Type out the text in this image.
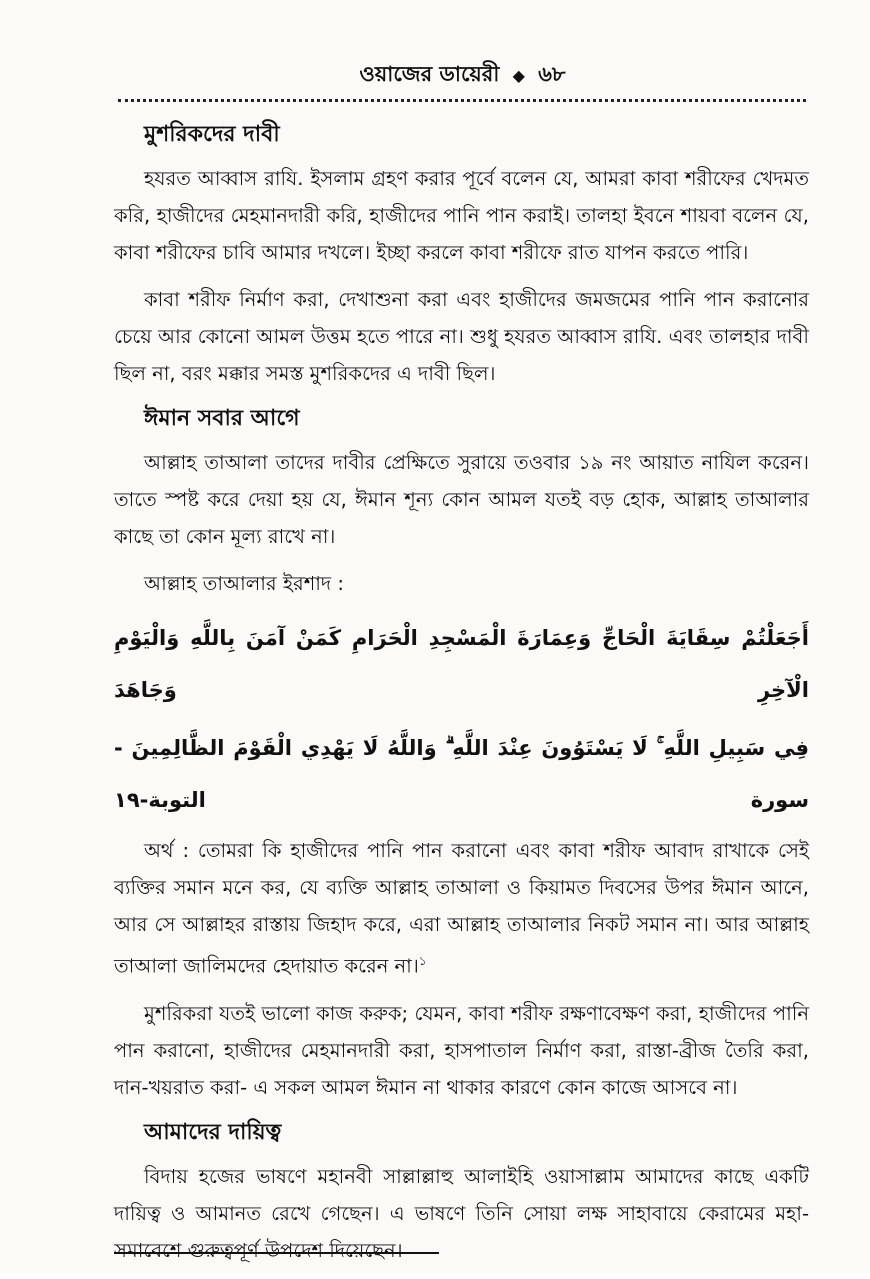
ওয়াজের ডায়েরী ◆ ৬৮
মুশরিকদের দাবী

হযরত আব্বাস রাযি. ইসলাম গ্রহণ করার পূর্বে বলেন যে, আমরা কাবা শরীফের খেদমত করি, হাজীদের মেহমানদারী করি, হাজীদের পানি পান করাই। তালহা ইবনে শায়বা বলেন যে, কাবা শরীফের চাবি আমার দখলে। ইচ্ছা করলে কাবা শরীফে রাত যাপন করতে পারি।

কাবা শরীফ নির্মাণ করা, দেখাশুনা করা এবং হাজীদের জমজমের পানি পান করানোর চেয়ে আর কোনো আমল উত্তম হতে পারে না। শুধু হযরত আব্বাস রাযি. এবং তালহার দাবী ছিল না, বরং মক্কার সমস্ত মুশরিকদের এ দাবী ছিল।

ঈমান সবার আগে

আল্লাহ তাআলা তাদের দাবীর প্রেক্ষিতে সুরায়ে তওবার ১৯ নং আয়াত নাযিল করেন। তাতে স্পষ্ট করে দেয়া হয় যে, ঈমান শূন্য কোন আমল যতই বড় হোক, আল্লাহ তাআলার কাছে তা কোন মূল্য রাখে না।

আল্লাহ তাআলার ইরশাদ :

أَجَعَلْتُمْ سِقَايَةَ الْحَاجِّ وَعِمَارَةَ الْمَسْجِدِ الْحَرَامِ كَمَنْ آمَنَ بِاللَّهِ وَالْيَوْمِ الْآخِرِ وَجَاهَدَ
فِي سَبِيلِ اللَّهِ ۚ لَا يَسْتَوُونَ عِنْدَ اللَّهِ ۗ وَاللَّهُ لَا يَهْدِي الْقَوْمَ الظَّالِمِينَ - سورة التوبة-١٩

অর্থ : তোমরা কি হাজীদের পানি পান করানো এবং কাবা শরীফ আবাদ রাখাকে সেই ব্যক্তির সমান মনে কর, যে ব্যক্তি আল্লাহ তাআলা ও কিয়ামত দিবসের উপর ঈমান আনে, আর সে আল্লাহর রাস্তায় জিহাদ করে, এরা আল্লাহ তাআলার নিকট সমান না। আর আল্লাহ তাআলা জালিমদের হেদায়াত করেন না।$^১$

মুশরিকরা যতই ভালো কাজ করুক; যেমন, কাবা শরীফ রক্ষণাবেক্ষণ করা, হাজীদের পানি পান করানো, হাজীদের মেহমানদারী করা, হাসপাতাল নির্মাণ করা, রাস্তা-ব্রীজ তৈরি করা, দান-খয়রাত করা- এ সকল আমল ঈমান না থাকার কারণে কোন কাজে আসবে না।

আমাদের দায়িত্ব

বিদায় হজের ভাষণে মহানবী সাল্লাল্লাহু আলাইহি ওয়াসাল্লাম আমাদের কাছে একটি দায়িত্ব ও আমানত রেখে গেছেন। এ ভাষণে তিনি সোয়া লক্ষ সাহাবায়ে কেরামের মহা-সমাবেশে গুরুত্বপূর্ণ উপদেশ দিয়েছেন।
